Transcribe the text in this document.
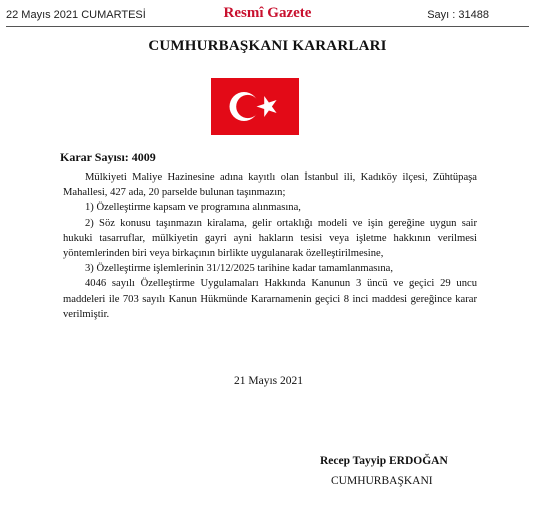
22 Mayıs 2021 CUMARTESİ	Resmî Gazete	Sayı : 31488
CUMHURBAŞKANI KARARLARI
Karar Sayısı: 4009

Mülkiyeti Maliye Hazinesine adına kayıtlı olan İstanbul ili, Kadıköy ilçesi, Zühtüpaşa Mahallesi, 427 ada, 20 parselde bulunan taşınmazın;

1) Özelleştirme kapsam ve programına alınmasına,

2) Söz konusu taşınmazın kiralama, gelir ortaklığı modeli ve işin gereğine uygun sair hukuki tasarruflar, mülkiyetin gayri ayni hakların tesisi veya işletme hakkının verilmesi yöntemlerinden biri veya birkaçının birlikte uygulanarak özelleştirilmesine,

3) Özelleştirme işlemlerinin 31/12/2025 tarihine kadar tamamlanmasına,

4046 sayılı Özelleştirme Uygulamaları Hakkında Kanunun 3 üncü ve geçici 29 uncu maddeleri ile 703 sayılı Kanun Hükmünde Kararnamenin geçici 8 inci maddesi gereğince karar verilmiştir.

21 Mayıs 2021
Recep Tayyip ERDOĞAN
CUMHURBAŞKANI
